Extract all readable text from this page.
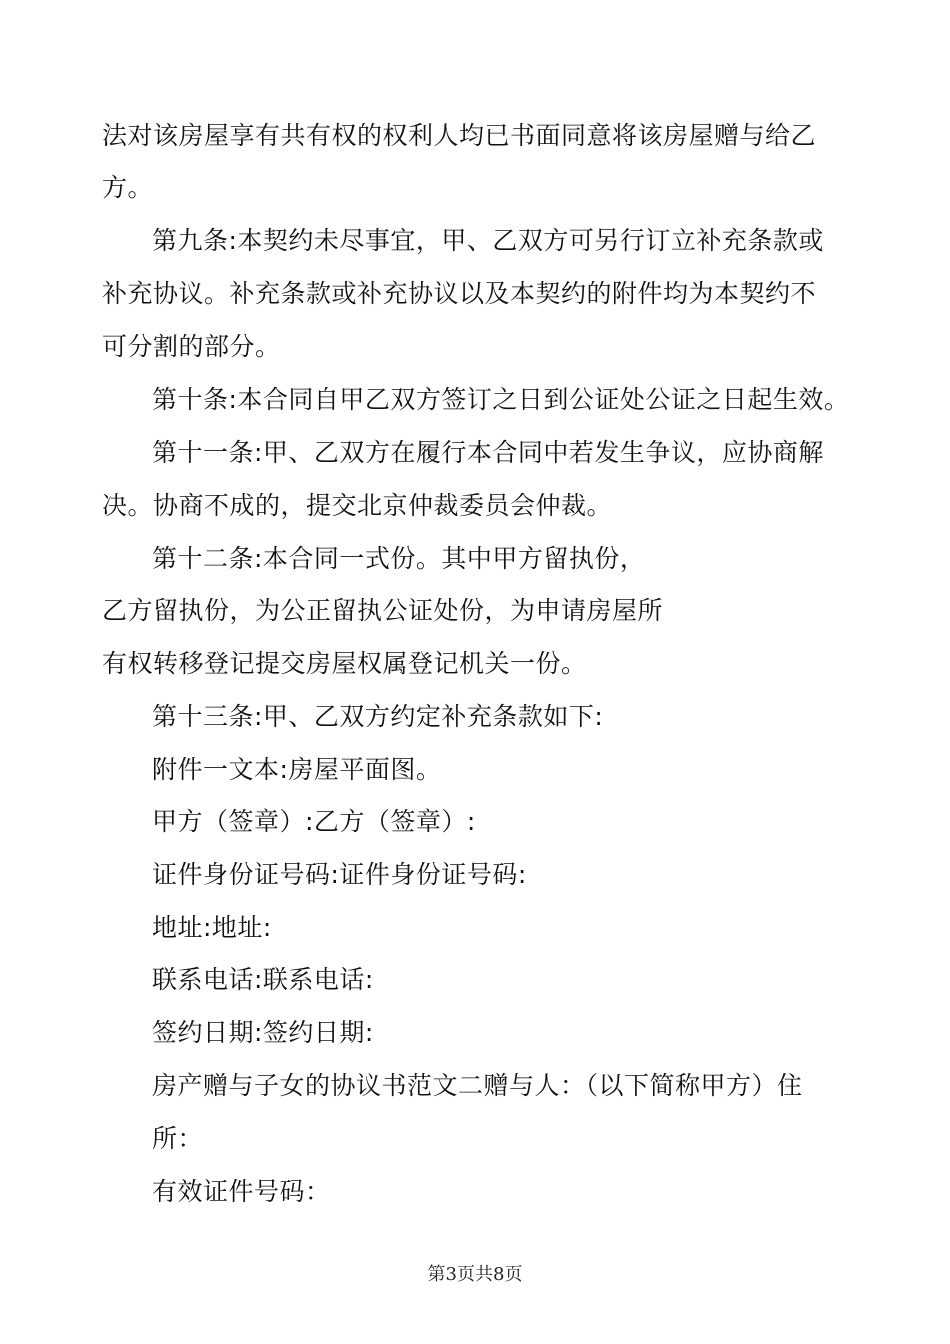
法对该房屋享有共有权的权利人均已书面同意将该房屋赠与给乙
方。
第九条:本契约未尽事宜，甲、乙双方可另行订立补充条款或
补充协议。补充条款或补充协议以及本契约的附件均为本契约不
可分割的部分。
第十条:本合同自甲乙双方签订之日到公证处公证之日起生效。
第十一条:甲、乙双方在履行本合同中若发生争议，应协商解
决。协商不成的，提交北京仲裁委员会仲裁。
第十二条:本合同一式份。其中甲方留执份，
乙方留执份，为公正留执公证处份，为申请房屋所
有权转移登记提交房屋权属登记机关一份。
第十三条:甲、乙双方约定补充条款如下:
附件一文本:房屋平面图。
甲方（签章）:乙方（签章）:
证件身份证号码:证件身份证号码:
地址:地址:
联系电话:联系电话:
签约日期:签约日期:
房产赠与子女的协议书范文二赠与人：（以下简称甲方）住
所：
有效证件号码：
第3页共8页
